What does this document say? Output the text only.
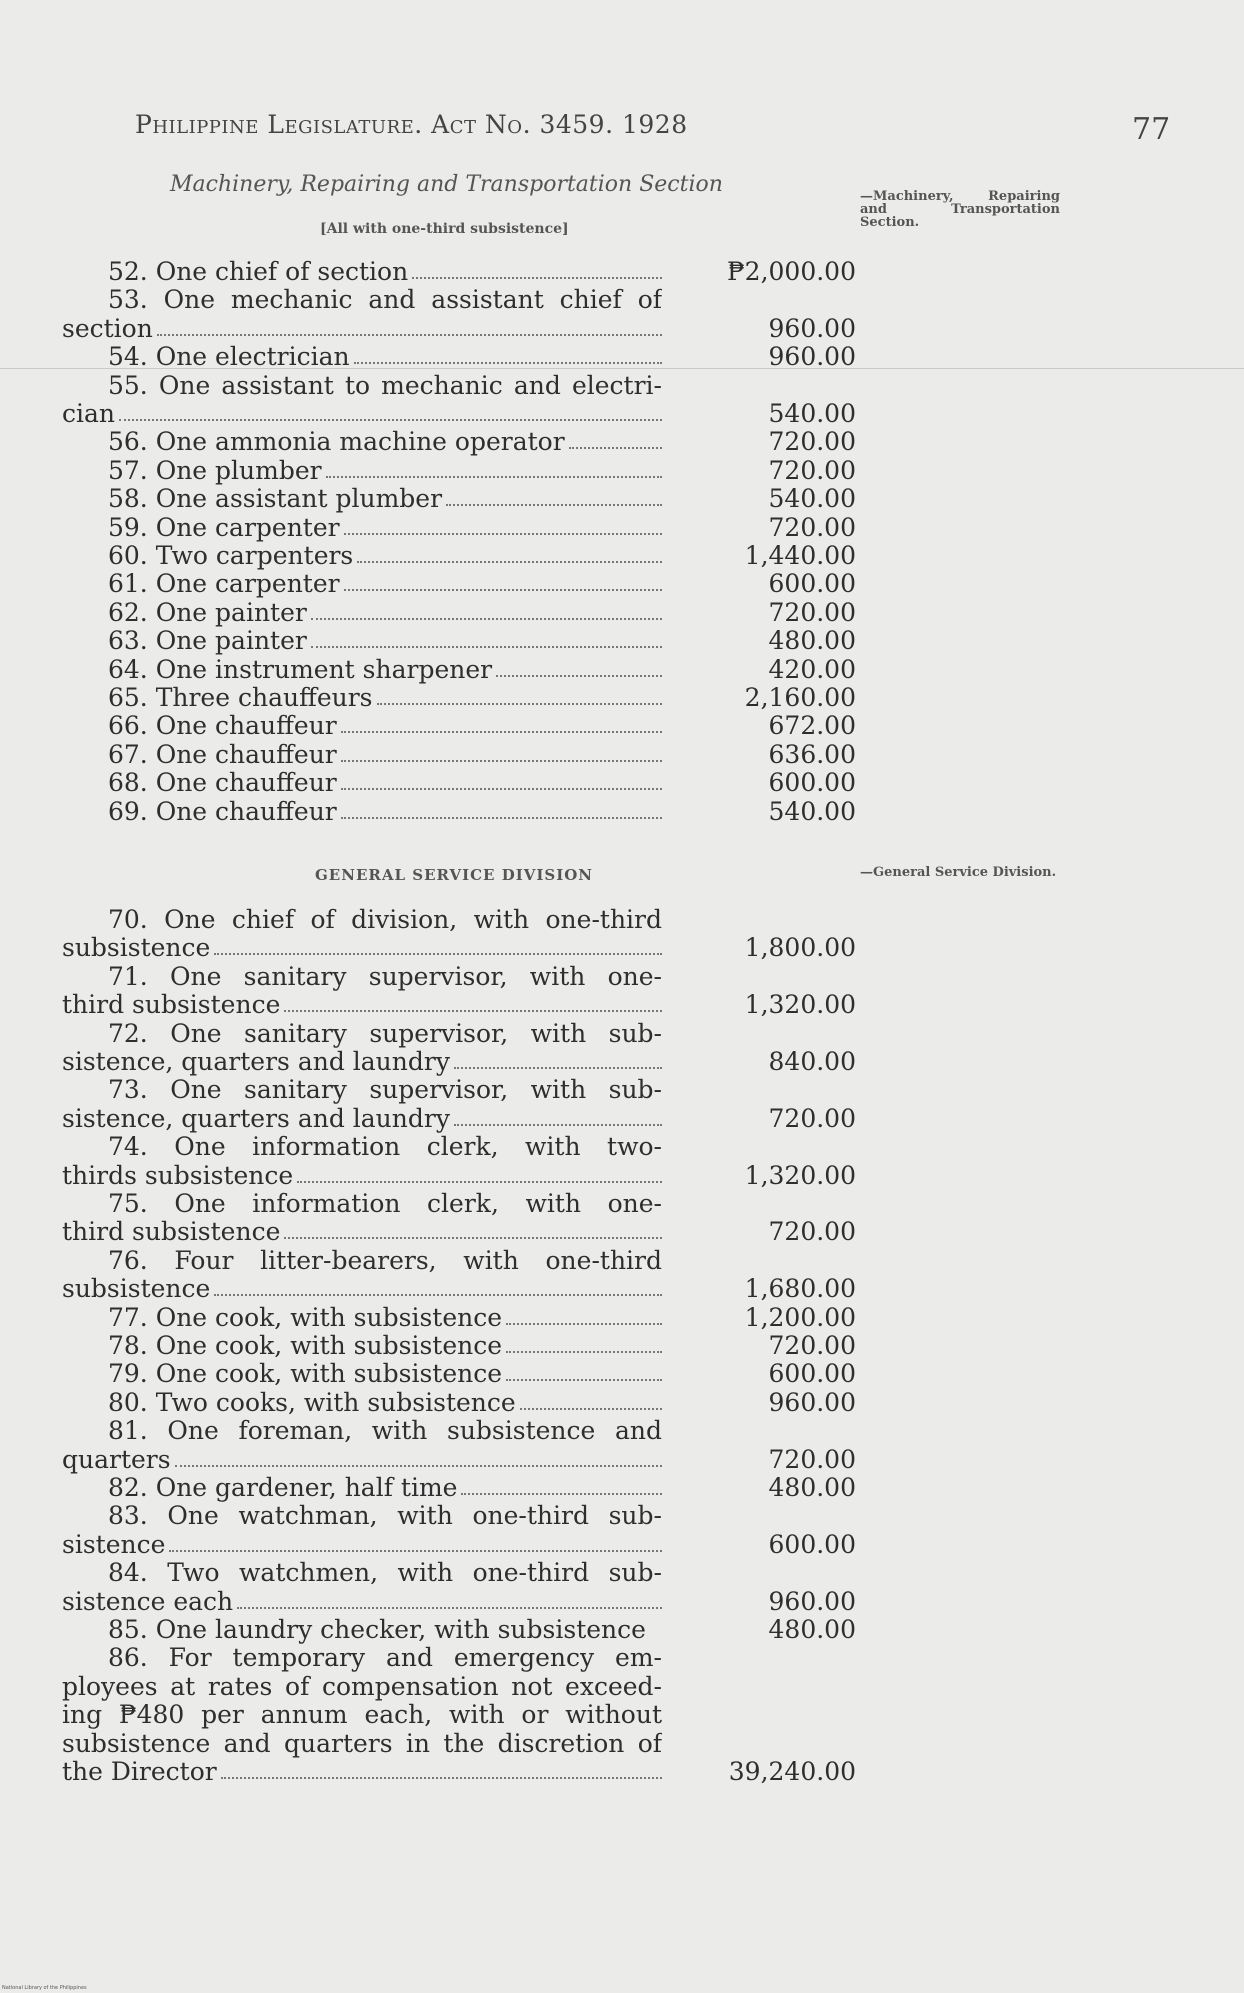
Philippine Legislature. Act No. 3459. 1928	77
Machinery, Repairing and Transportation Section
[All with one-third subsistence]
—Machinery, Repairing and Transportation Section.
GENERAL SERVICE DIVISION	—General Service Division.
52. One chief of section	₱2,000.00
53. One mechanic and assistant chief of
section	960.00
54. One electrician	960.00
55. One assistant to mechanic and electri-
cian	540.00
56. One ammonia machine operator	720.00
57. One plumber	720.00
58. One assistant plumber	540.00
59. One carpenter	720.00
60. Two carpenters	1,440.00
61. One carpenter	600.00
62. One painter	720.00
63. One painter	480.00
64. One instrument sharpener	420.00
65. Three chauffeurs	2,160.00
66. One chauffeur	672.00
67. One chauffeur	636.00
68. One chauffeur	600.00
69. One chauffeur	540.00
70. One chief of division, with one-third
subsistence	1,800.00
71. One sanitary supervisor, with one-
third subsistence	1,320.00
72. One sanitary supervisor, with sub-
sistence, quarters and laundry	840.00
73. One sanitary supervisor, with sub-
sistence, quarters and laundry	720.00
74. One information clerk, with two-
thirds subsistence	1,320.00
75. One information clerk, with one-
third subsistence	720.00
76. Four litter-bearers, with one-third
subsistence	1,680.00
77. One cook, with subsistence	1,200.00
78. One cook, with subsistence	720.00
79. One cook, with subsistence	600.00
80. Two cooks, with subsistence	960.00
81. One foreman, with subsistence and
quarters	720.00
82. One gardener, half time	480.00
83. One watchman, with one-third sub-
sistence	600.00
84. Two watchmen, with one-third sub-
sistence each	960.00
85. One laundry checker, with subsistence	480.00
86. For temporary and emergency em-
ployees at rates of compensation not exceed-
ing ₱480 per annum each, with or without
subsistence and quarters in the discretion of
the Director	39,240.00
National Library of the Philippines
